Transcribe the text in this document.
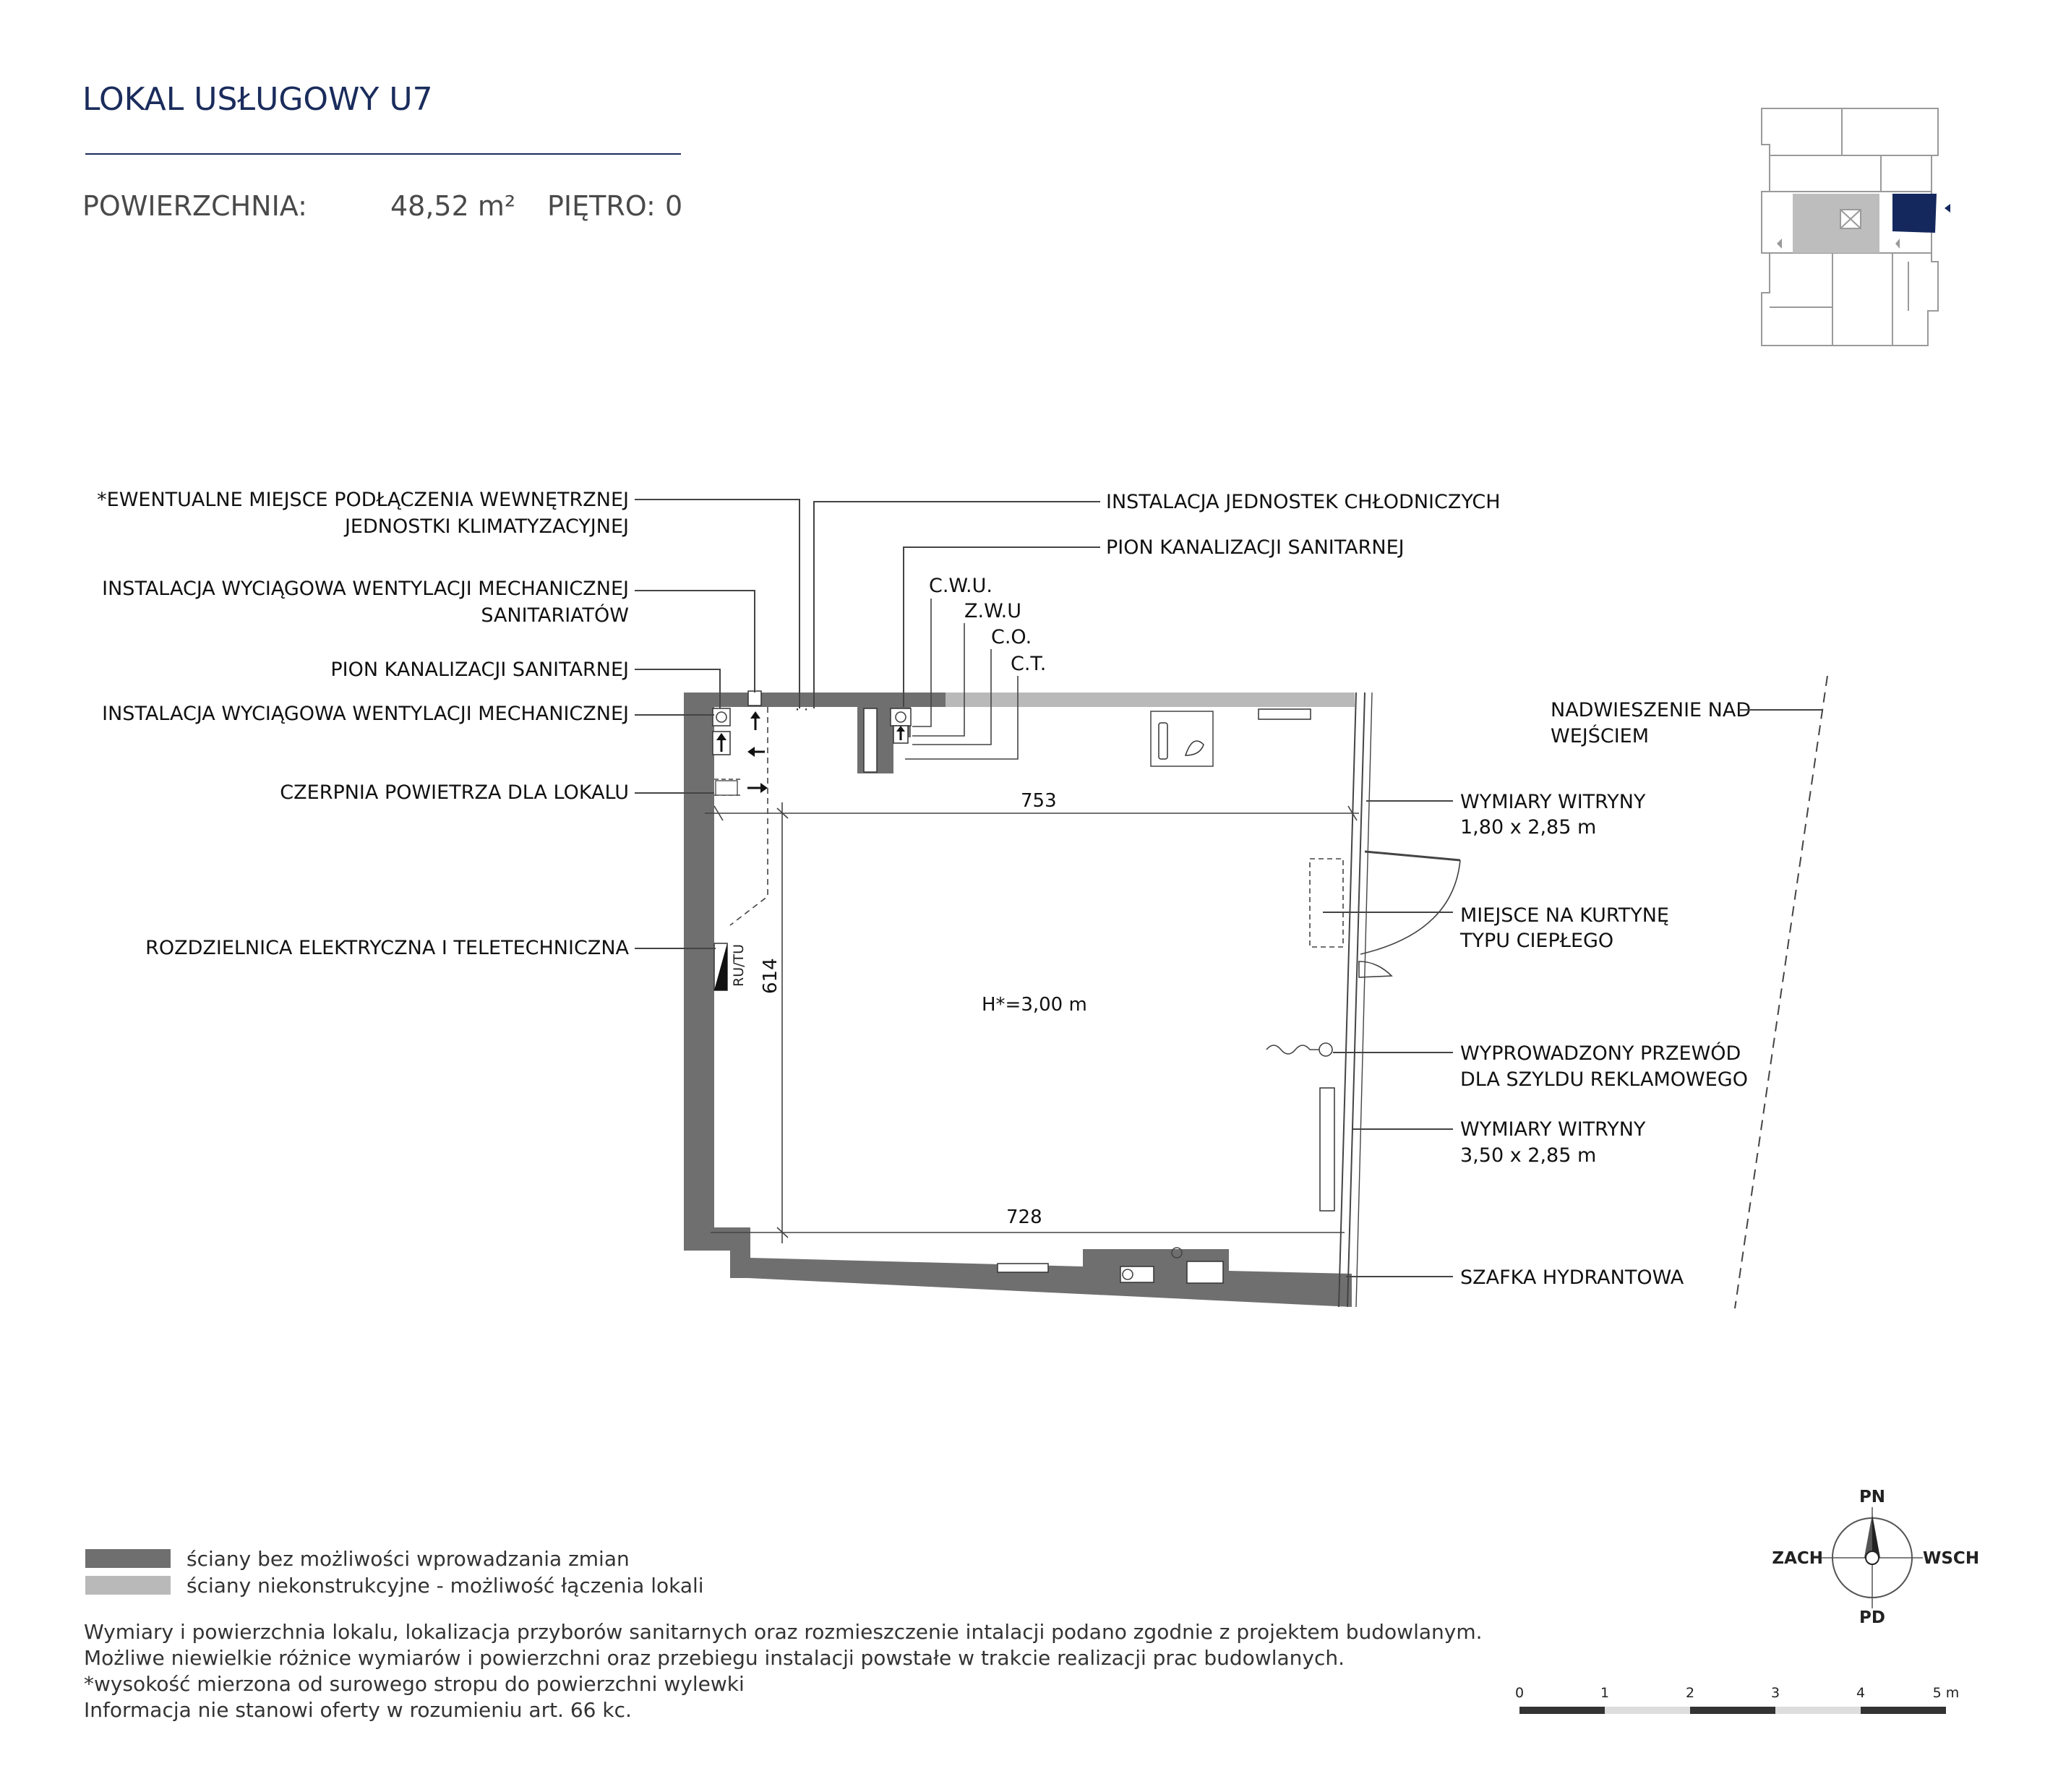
LOKAL USŁUGOWY U7
POWIERZCHNIA:	48,52 m² PIĘTRO: 0
· ·
RU/TU
753
728
614
H*=3,00 m
*EWENTUALNE MIEJSCE PODŁĄCZENIA WEWNĘTRZNEJ
JEDNOSTKI KLIMATYZACYJNEJ
INSTALACJA WYCIĄGOWA WENTYLACJI MECHANICZNEJ
SANITARIATÓW
PION KANALIZACJI SANITARNEJ
INSTALACJA WYCIĄGOWA WENTYLACJI MECHANICZNEJ
CZERPNIA POWIETRZA DLA LOKALU
ROZDZIELNICA ELEKTRYCZNA I TELETECHNICZNA
INSTALACJA JEDNOSTEK CHŁODNICZYCH
PION KANALIZACJI SANITARNEJ
C.W.U.
Z.W.U
C.O.
C.T.
NADWIESZENIE NAD
WEJŚCIEM
WYMIARY WITRYNY
1,80 x 2,85 m
MIEJSCE NA KURTYNĘ
TYPU CIEPŁEGO
WYPROWADZONY PRZEWÓD
DLA SZYLDU REKLAMOWEGO
WYMIARY WITRYNY
3,50 x 2,85 m
SZAFKA HYDRANTOWA
ściany bez możliwości wprowadzania zmian
ściany niekonstrukcyjne - możliwość łączenia lokali
Wymiary i powierzchnia lokalu, lokalizacja przyborów sanitarnych oraz rozmieszczenie intalacji podano zgodnie z projektem budowlanym.
Możliwe niewielkie różnice wymiarów i powierzchni oraz przebiegu instalacji powstałe w trakcie realizacji prac budowlanych.
*wysokość mierzona od surowego stropu do powierzchni wylewki
Informacja nie stanowi oferty w rozumieniu art. 66 kc.
PN
PD
ZACH	WSCH
0	1	2	3	4	5 m
